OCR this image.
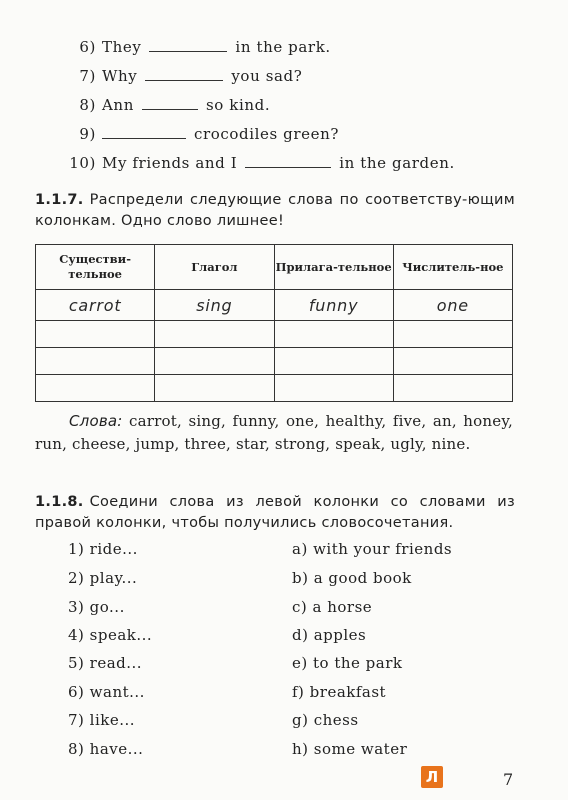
6) They	in the park.
7) Why	you sad?
8) Ann	so kind.
9)	crocodiles green?
10) My friends and I	in the garden.
1.1.7. Распредели следующие слова по соответству-ющим колонкам. Одно слово лишнее!
Существи-тельное	Глагол	Прилага-тельное	Числитель-ное
carrot	sing	funny	one

Слова: carrot, sing, funny, one, healthy, five, an, honey, run, cheese, jump, three, star, strong, speak, ugly, nine.
1.1.8. Соедини слова из левой колонки со словами из правой колонки, чтобы получились словосочетания.
1) ride...
2) play...
3) go...
4) speak...
5) read...
6) want...
7) like...
8) have...
a) with your friends
b) a good book
c) a horse
d) apples
e) to the park
f) breakfast
g) chess
h) some water
Л	7
